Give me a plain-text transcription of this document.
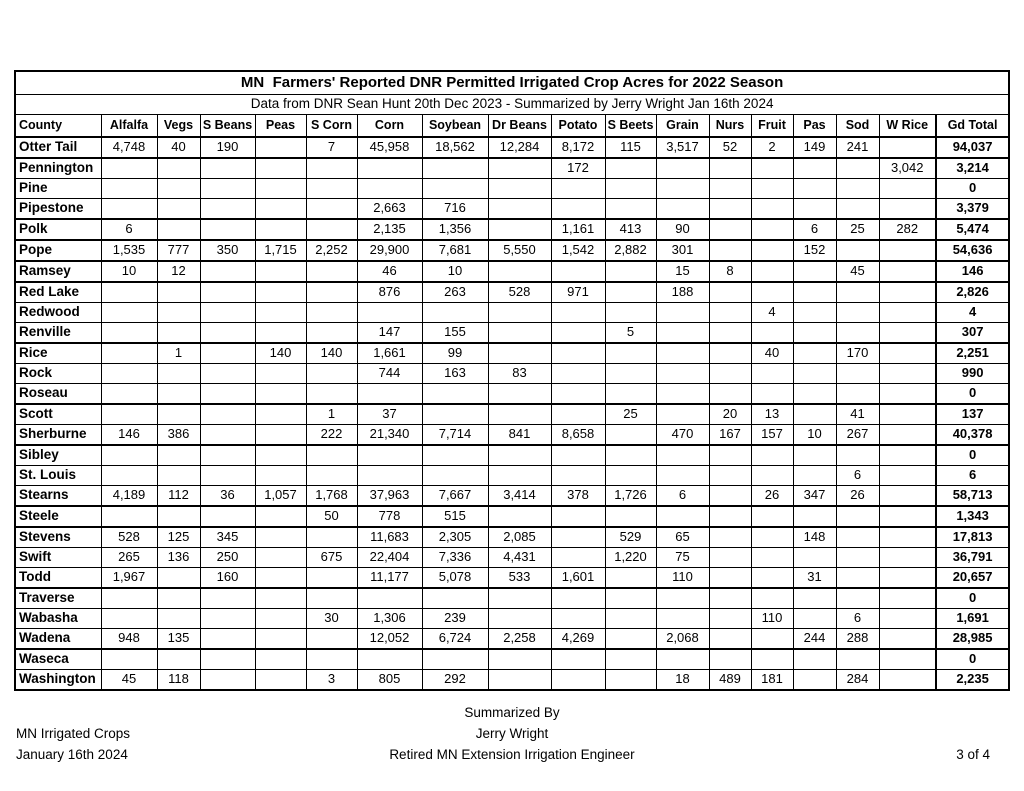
MN  Farmers' Reported DNR Permitted Irrigated Crop Acres for 2022 Season																	
Data from DNR Sean Hunt 20th Dec 2023 - Summarized by Jerry Wright Jan 16th 2024																	
County	Alfalfa	Vegs	S Beans	Peas	S Corn	Corn	Soybean	Dr Beans	Potato	S Beets	Grain	Nurs	Fruit	Pas	Sod	W Rice	Gd Total
Otter Tail	4,748	40	190		7	45,958	18,562	12,284	8,172	115	3,517	52	2	149	241		94,037
Pennington									172							3,042	3,214
Pine																	0
Pipestone						2,663	716										3,379
Polk	6					2,135	1,356		1,161	413	90			6	25	282	5,474
Pope	1,535	777	350	1,715	2,252	29,900	7,681	5,550	1,542	2,882	301			152			54,636
Ramsey	10	12				46	10				15	8			45		146
Red Lake						876	263	528	971		188						2,826
Redwood													4				4
Renville						147	155			5							307
Rice		1		140	140	1,661	99						40		170		2,251
Rock						744	163	83									990
Roseau																	0
Scott					1	37				25		20	13		41		137
Sherburne	146	386			222	21,340	7,714	841	8,658		470	167	157	10	267		40,378
Sibley																	0
St. Louis															6		6
Stearns	4,189	112	36	1,057	1,768	37,963	7,667	3,414	378	1,726	6		26	347	26		58,713
Steele					50	778	515										1,343
Stevens	528	125	345			11,683	2,305	2,085		529	65			148			17,813
Swift	265	136	250		675	22,404	7,336	4,431		1,220	75						36,791
Todd	1,967		160			11,177	5,078	533	1,601		110			31			20,657
Traverse																	0
Wabasha					30	1,306	239						110		6		1,691
Wadena	948	135				12,052	6,724	2,258	4,269		2,068			244	288		28,985
Waseca																	0
Washington	45	118			3	805	292				18	489	181		284		2,235
Summarized By
Jerry Wright
Retired MN Extension Irrigation Engineer
MN Irrigated Crops
January 16th 2024	3 of 4
